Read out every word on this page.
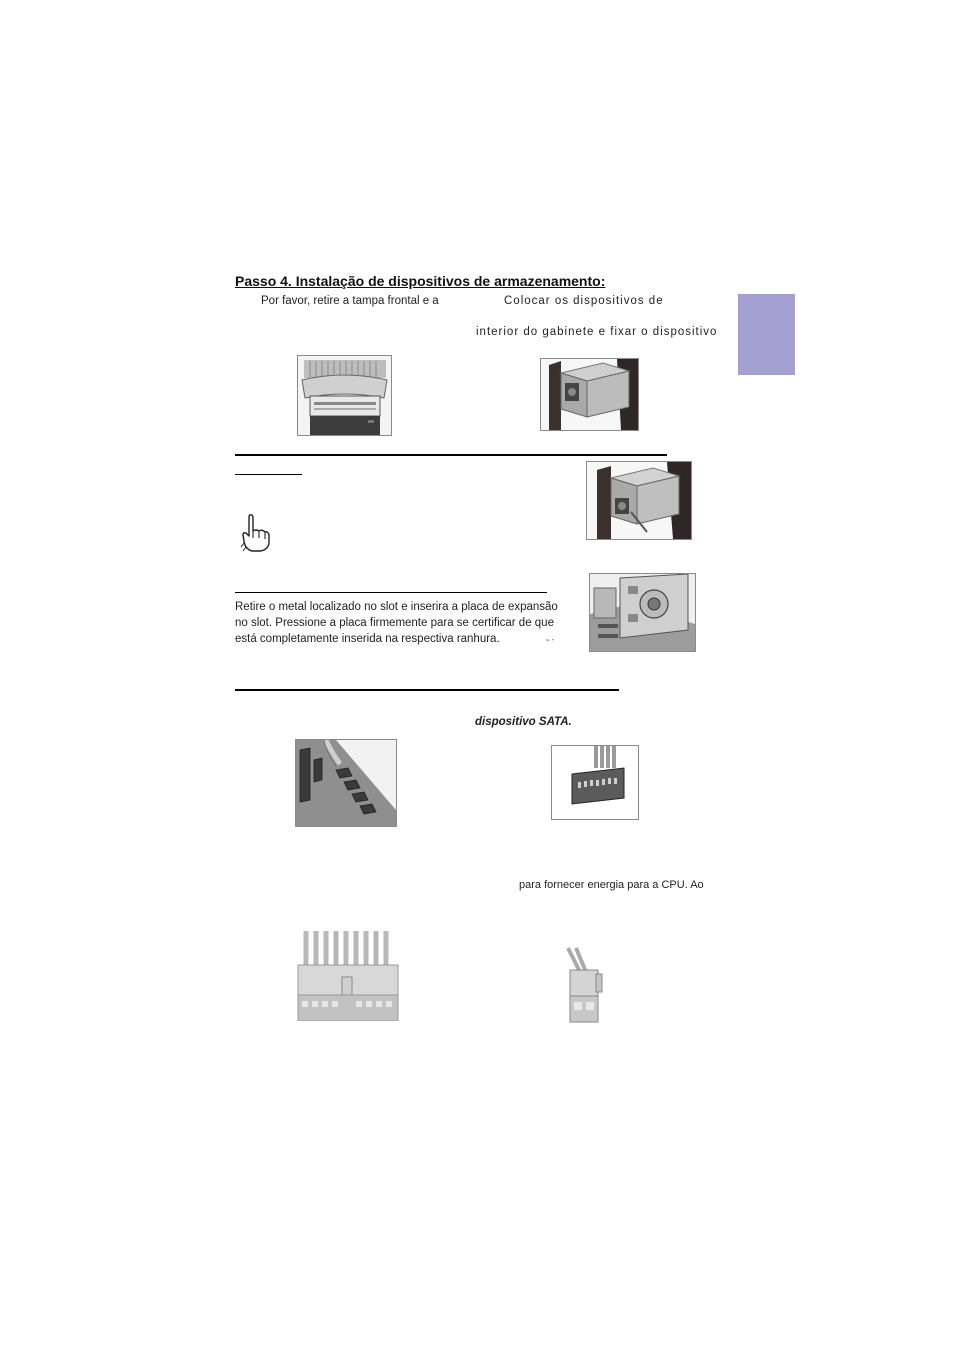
Passo 4. Instalação de dispositivos de armazenamento:
Por favor, retire a tampa frontal e a	Colocar os dispositivos de
interior do gabinete e fixar o dispositivo
Retire o metal localizado no slot e inserira a placa de expansão
no slot. Pressione a placa firmemente para se certificar de que
está completamente inserida na respectiva ranhura.	˜ ´
dispositivo SATA.
para fornecer energia para a CPU. Ao
